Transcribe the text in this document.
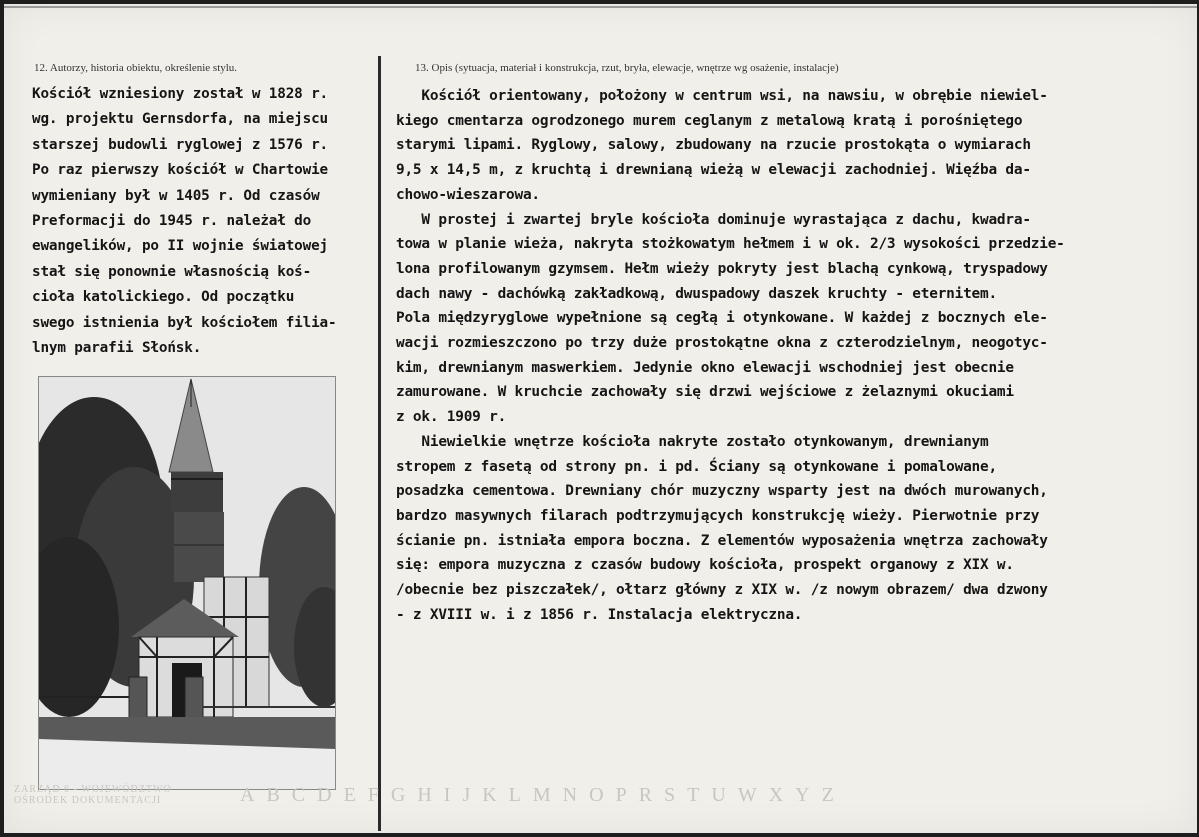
12. Autorzy, historia obiektu, określenie stylu.	13. Opis (sytuacja, materiał i konstrukcja, rzut, bryła, elewacje, wnętrze wg osażenie, instalacje)
Kościół wzniesiony został w 1828 r.
wg. projektu Gernsdorfa, na miejscu
starszej budowli ryglowej z 1576 r.
Po raz pierwszy kościół w Chartowie
wymieniany był w 1405 r. Od czasów
Preformacji do 1945 r. należał do
ewangelików, po II wojnie światowej
stał się ponownie własnością koś-
cioła katolickiego. Od początku
swego istnienia był kościołem filia-
lnym parafii Słońsk.
Kościół orientowany, położony w centrum wsi, na nawsiu, w obrębie niewiel-
kiego cmentarza ogrodzonego murem ceglanym z metalową kratą i porośniętego
starymi lipami. Ryglowy, salowy, zbudowany na rzucie prostokąta o wymiarach
9,5 x 14,5 m, z kruchtą i drewnianą wieżą w elewacji zachodniej. Więźba da-
chowo-wieszarowa.
W prostej i zwartej bryle kościoła dominuje wyrastająca z dachu, kwadra-
towa w planie wieża, nakryta stożkowatym hełmem i w ok. 2/3 wysokości przedzie-
lona profilowanym gzymsem. Hełm wieży pokryty jest blachą cynkową, tryspadowy
dach nawy - dachówką zakładkową, dwuspadowy daszek kruchty - eternitem.
Pola międzyryglowe wypełnione są cegłą i otynkowane. W każdej z bocznych ele-
wacji rozmieszczono po trzy duże prostokątne okna z czterodzielnym, neogotyc-
kim, drewnianym maswerkiem. Jedynie okno elewacji wschodniej jest obecnie
zamurowane. W kruchcie zachowały się drzwi wejściowe z żelaznymi okuciami
z ok. 1909 r.
Niewielkie wnętrze kościoła nakryte zostało otynkowanym, drewnianym
stropem z fasetą od strony pn. i pd. Ściany są otynkowane i pomalowane,
posadzka cementowa. Drewniany chór muzyczny wsparty jest na dwóch murowanych,
bardzo masywnych filarach podtrzymujących konstrukcję wieży. Pierwotnie przy
ścianie pn. istniała empora boczna. Z elementów wyposażenia wnętrza zachowały
się: empora muzyczna z czasów budowy kościoła, prospekt organowy z XIX w.
/obecnie bez piszczałek/, ołtarz główny z XIX w. /z nowym obrazem/ dwa dzwony
- z XVIII w. i z 1856 r. Instalacja elektryczna.
ZARZĄD 6 - WOJEWÓDZTWO
OŚRODEK DOKUMENTACJI	ABCDEFGHIJKLMNOPRSTUWXYZ
